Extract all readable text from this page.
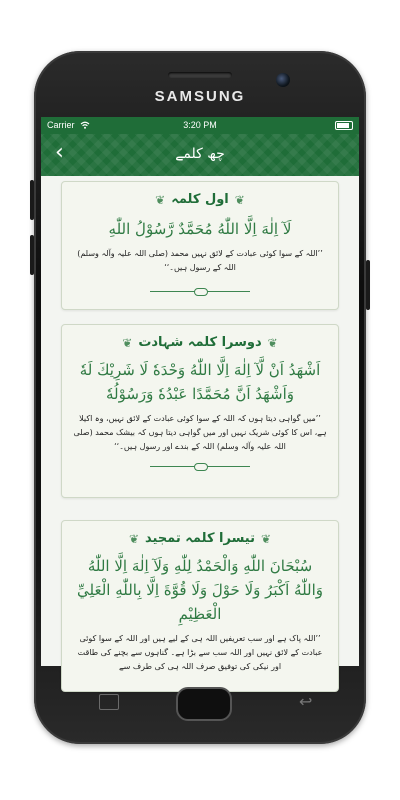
SAMSUNG
Carrier	3:20 PM
‹	چھ کلمے
❦ اول کلمہ ❦
لَآ اِلٰهَ اِلَّا اللّٰهُ مُحَمَّدٌ رَّسُوْلُ اللّٰهِ
’’اللہ کے سوا کوئی عبادت کے لائق نہیں محمد (صلی اللہ علیہ وآلہ وسلم) اللہ کے رسول ہیں۔‘‘
❦ دوسرا کلمہ شہادت ❦
اَشْهَدُ اَنْ لَّآ اِلٰهَ اِلَّا اللّٰهُ وَحْدَهٗ لَا شَرِيْكَ لَهٗ وَاَشْهَدُ اَنَّ مُحَمَّدًا عَبْدُهٗ وَرَسُوْلُهٗ
’’میں گواہی دیتا ہوں کہ اللہ کے سوا کوئی عبادت کے لائق نہیں، وہ اکیلا ہے، اس کا کوئی شریک نہیں اور میں گواہی دیتا ہوں کہ بیشک محمد (صلی اللہ علیہ وآلہ وسلم) اللہ کے بندے اور رسول ہیں۔‘‘
❦ تیسرا کلمہ تمجید ❦
سُبْحَانَ اللّٰهِ وَالْحَمْدُ لِلّٰهِ وَلَآ اِلٰهَ اِلَّا اللّٰهُ وَاللّٰهُ اَكْبَرُ وَلَا حَوْلَ وَلَا قُوَّةَ اِلَّا بِاللّٰهِ الْعَلِيِّ الْعَظِيْمِ
’’اللہ پاک ہے اور سب تعریفیں اللہ ہی کے لیے ہیں اور اللہ کے سوا کوئی عبادت کے لائق نہیں اور اللہ سب سے بڑا ہے۔ گناہوں سے بچنے کی طاقت اور نیکی کی توفیق صرف اللہ ہی کی طرف سے
↩
